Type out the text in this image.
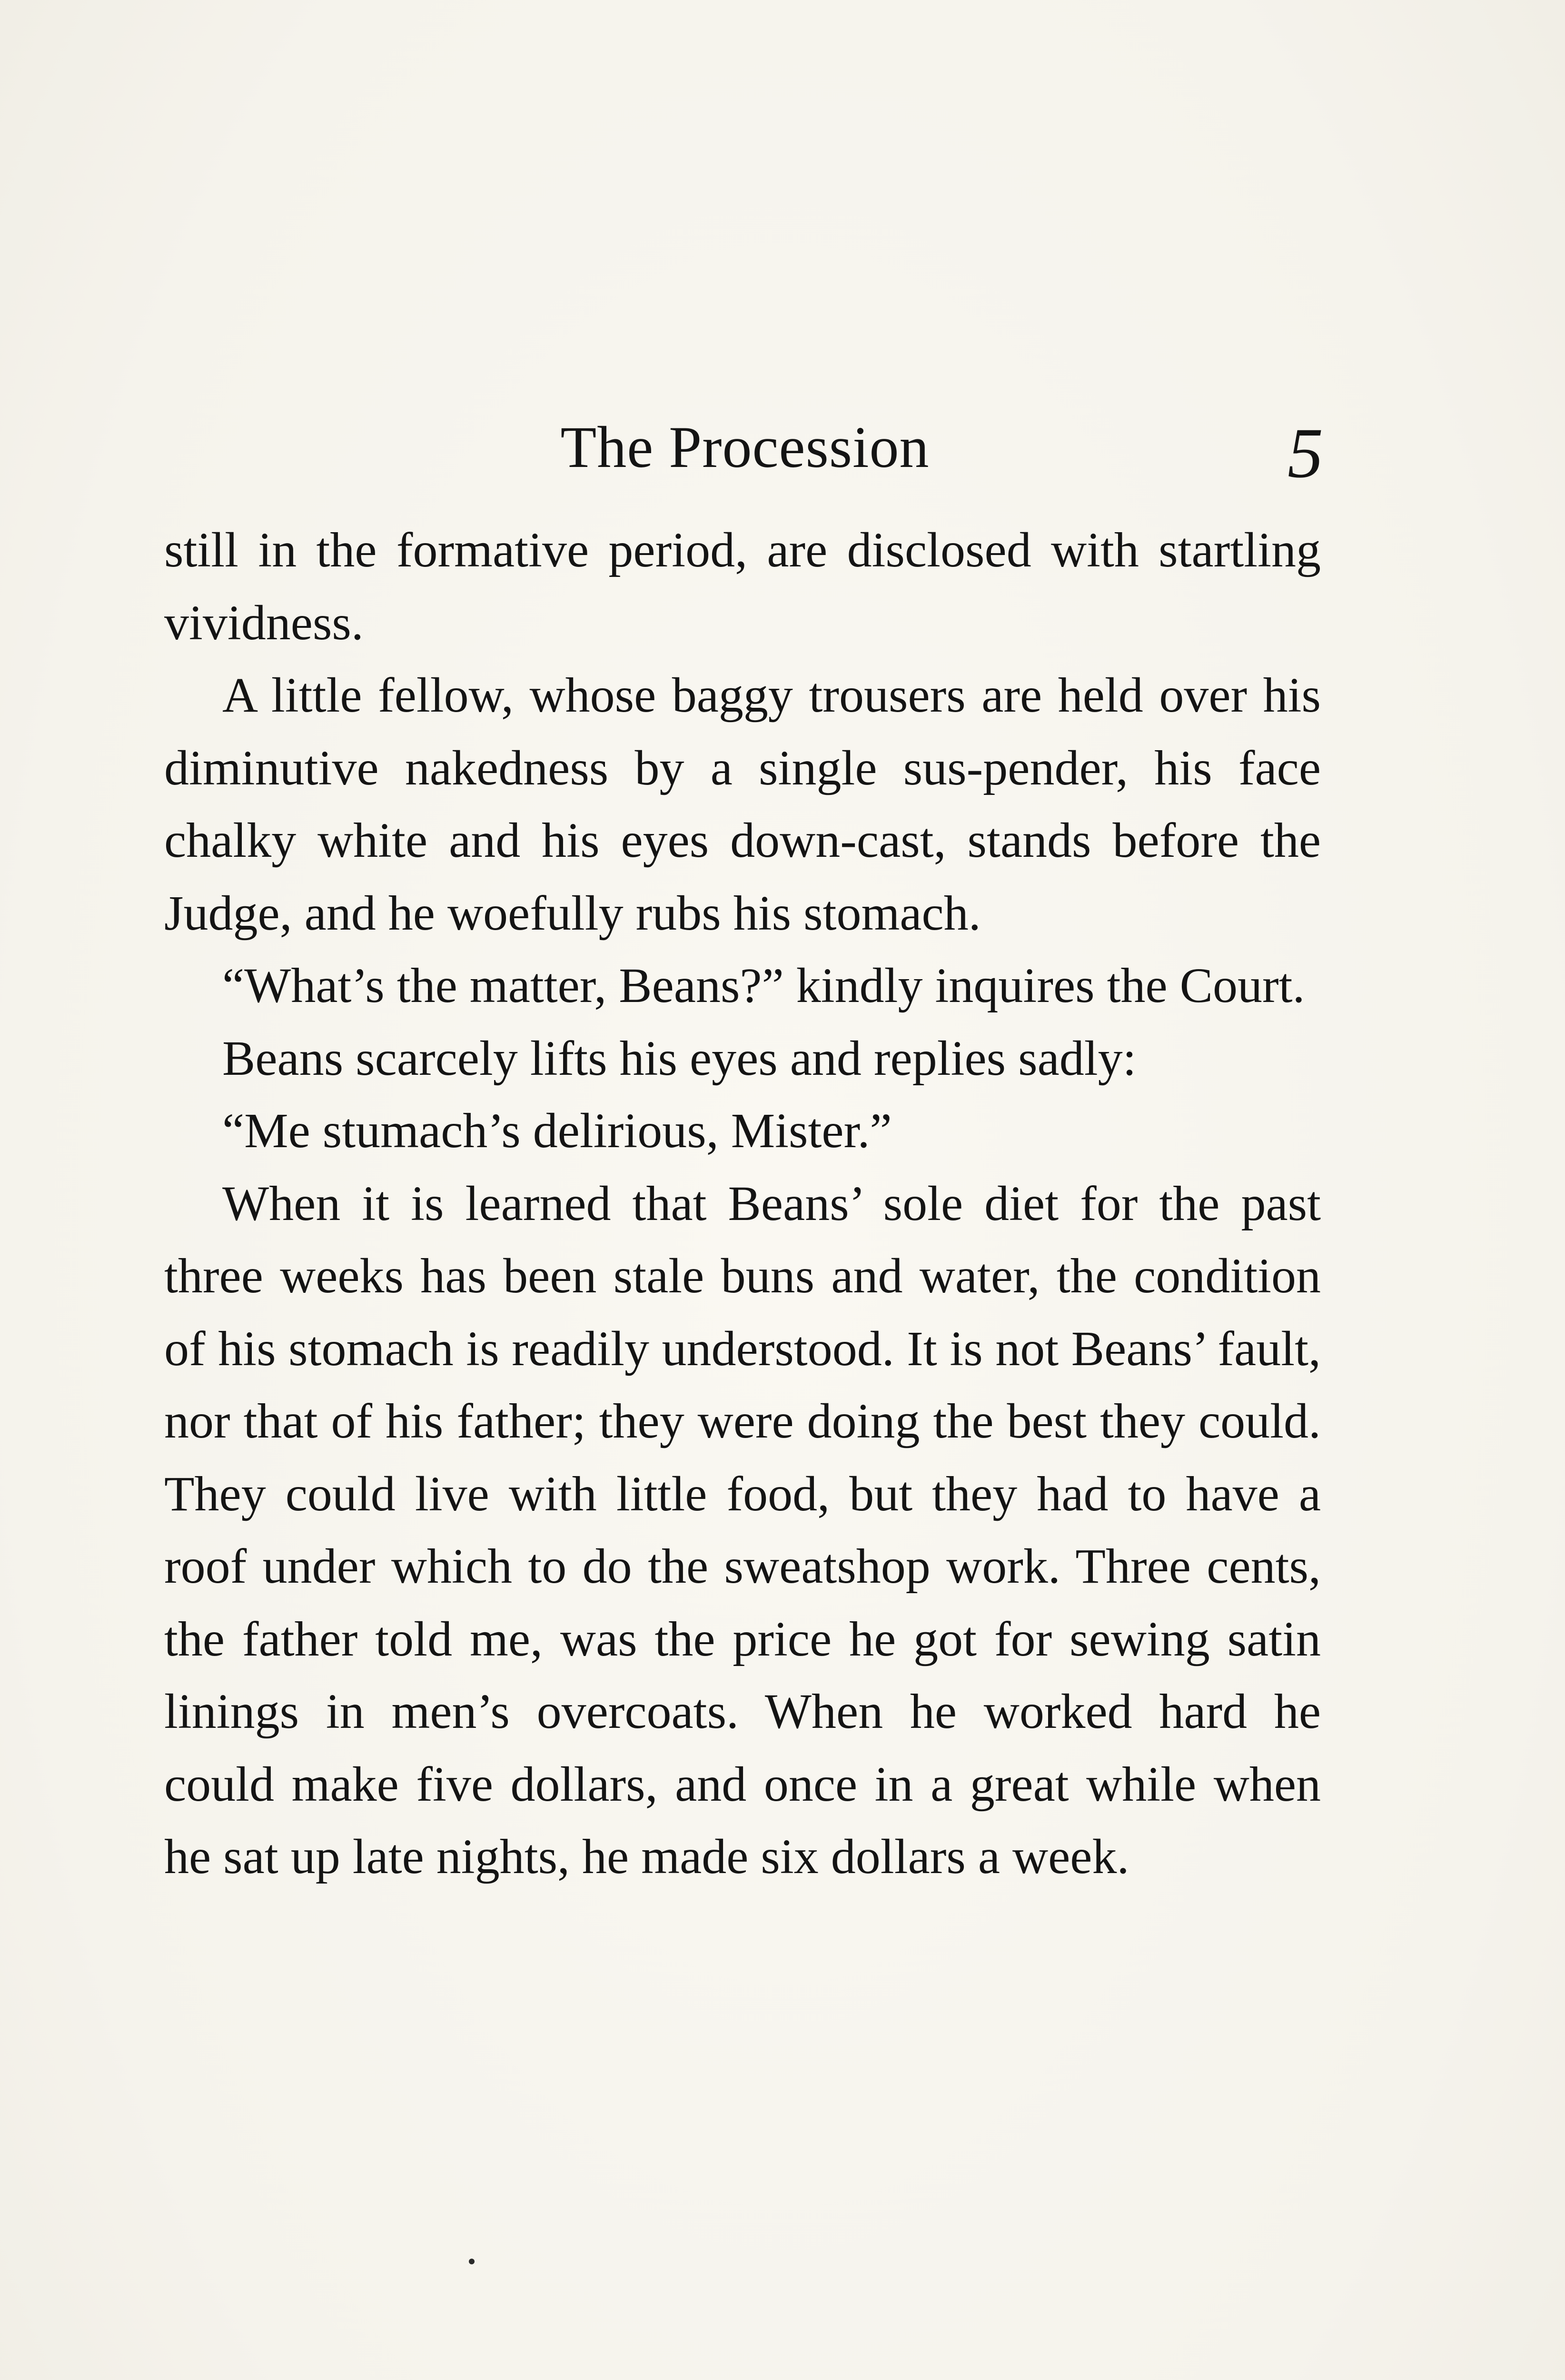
The Procession	5

still in the formative period, are disclosed with startling vividness.

A little fellow, whose baggy trousers are held over his diminutive nakedness by a single sus-pender, his face chalky white and his eyes down-cast, stands before the Judge, and he woefully rubs his stomach.

“What’s the matter, Beans?” kindly inquires the Court.

Beans scarcely lifts his eyes and replies sadly:

“Me stumach’s delirious, Mister.”

When it is learned that Beans’ sole diet for the past three weeks has been stale buns and water, the condition of his stomach is readily understood. It is not Beans’ fault, nor that of his father; they were doing the best they could. They could live with little food, but they had to have a roof under which to do the sweatshop work. Three cents, the father told me, was the price he got for sewing satin linings in men’s overcoats. When he worked hard he could make five dollars, and once in a great while when he sat up late nights, he made six dollars a week.
